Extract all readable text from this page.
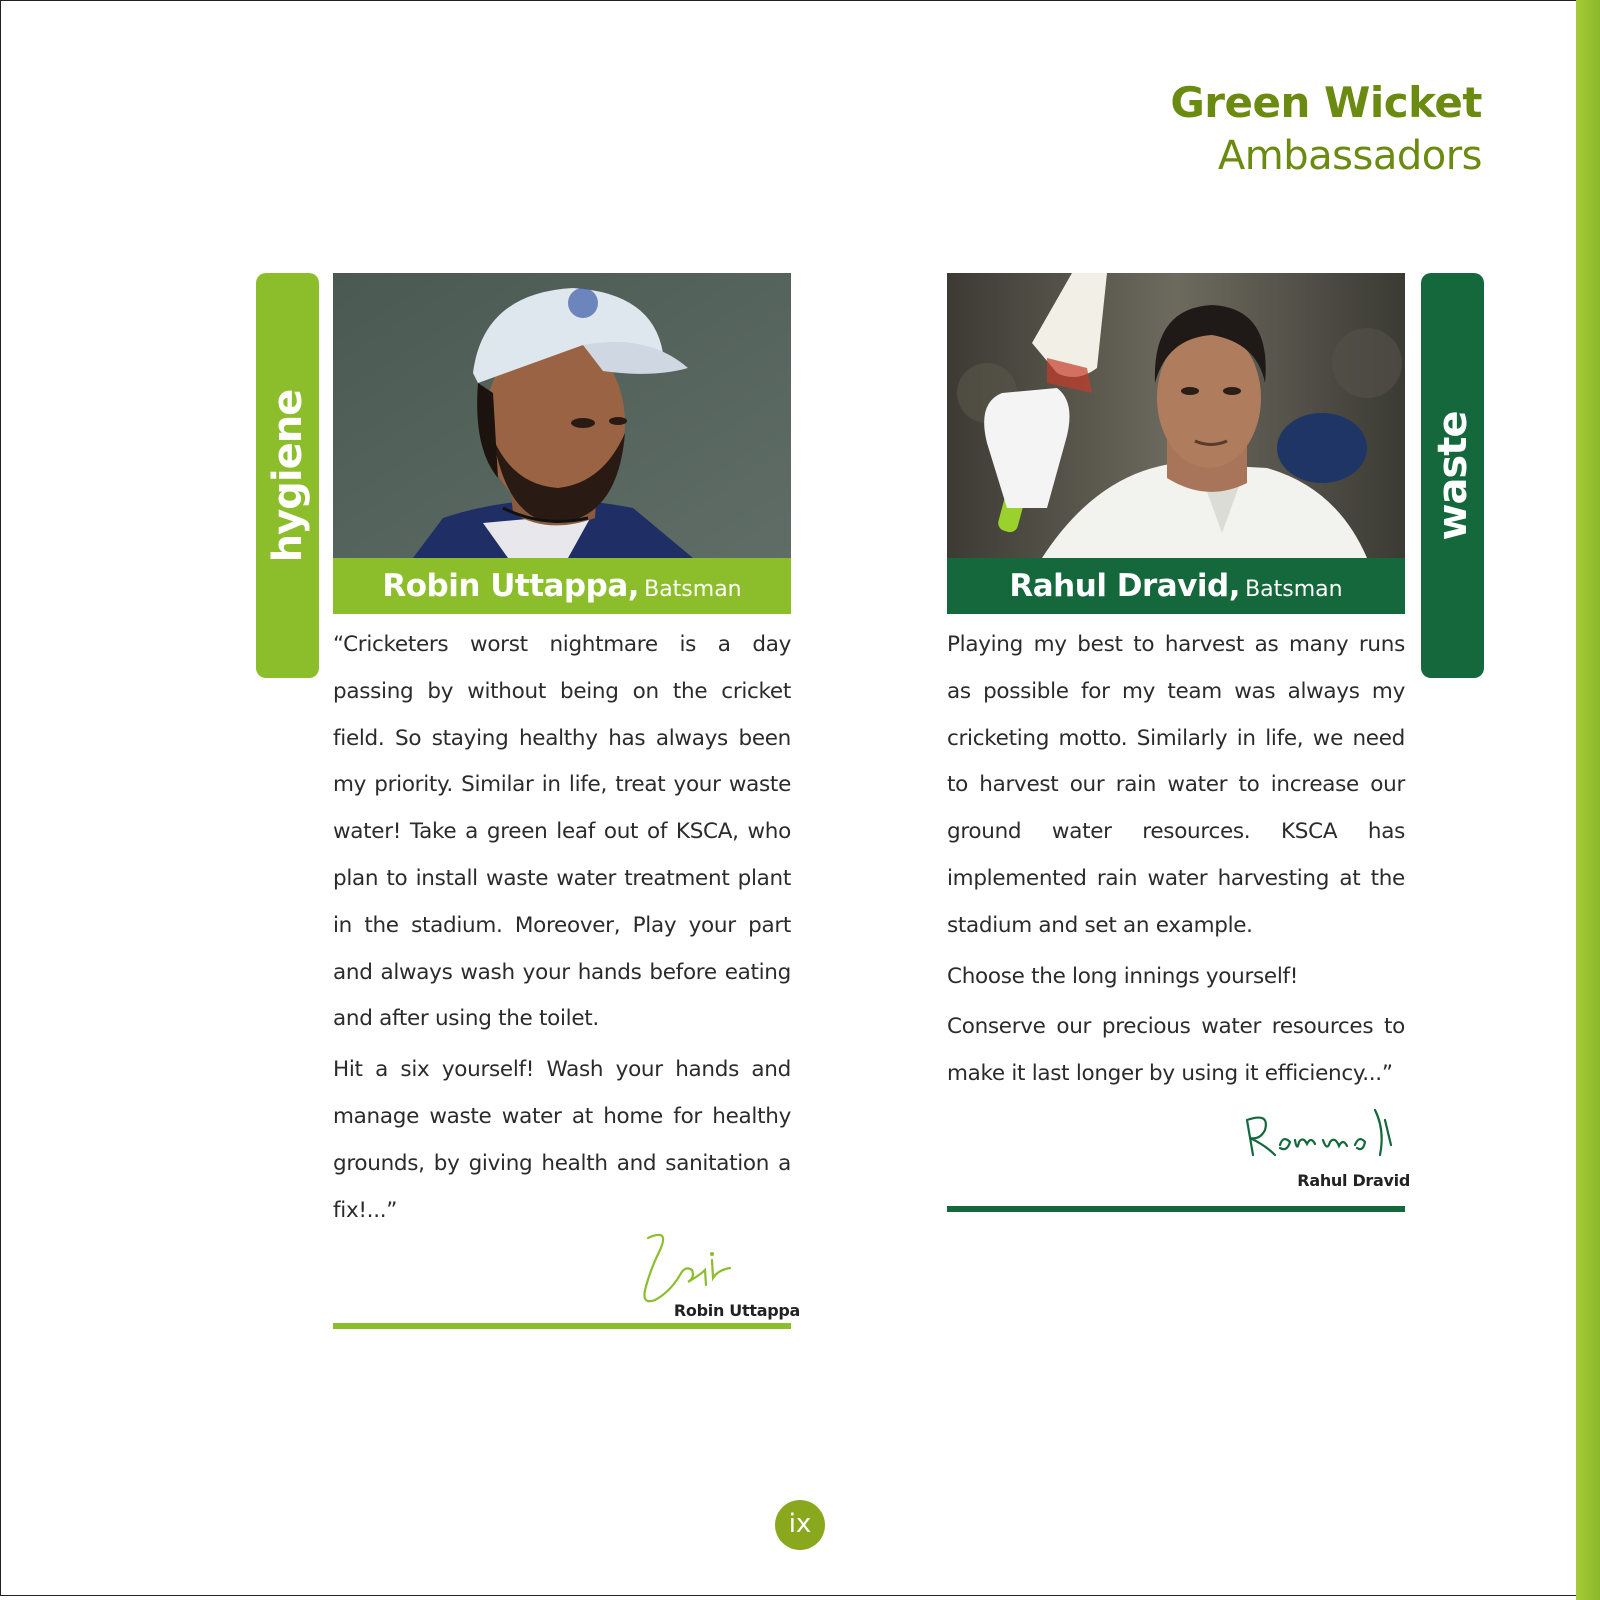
Green Wicket
Ambassadors
hygiene
Robin Uttappa, Batsman

“Cricketers worst nightmare is a day passing by without being on the cricket field. So staying healthy has always been my priority. Similar in life, treat your waste water! Take a green leaf out of KSCA, who plan to install waste water treatment plant in the stadium. Moreover, Play your part and always wash your hands before eating and after using the toilet.

Hit a six yourself! Wash your hands and manage waste water at home for healthy grounds, by giving health and sanitation a fix!...”

Robin Uttappa
Rahul Dravid, Batsman
waste

Playing my best to harvest as many runs as possible for my team was always my cricketing motto. Similarly in life, we need to harvest our rain water to increase our ground water resources. KSCA has implemented rain water harvesting at the stadium and set an example.

Choose the long innings yourself!

Conserve our precious water resources to make it last longer by using it efficiency...”

Rahul Dravid
ix
